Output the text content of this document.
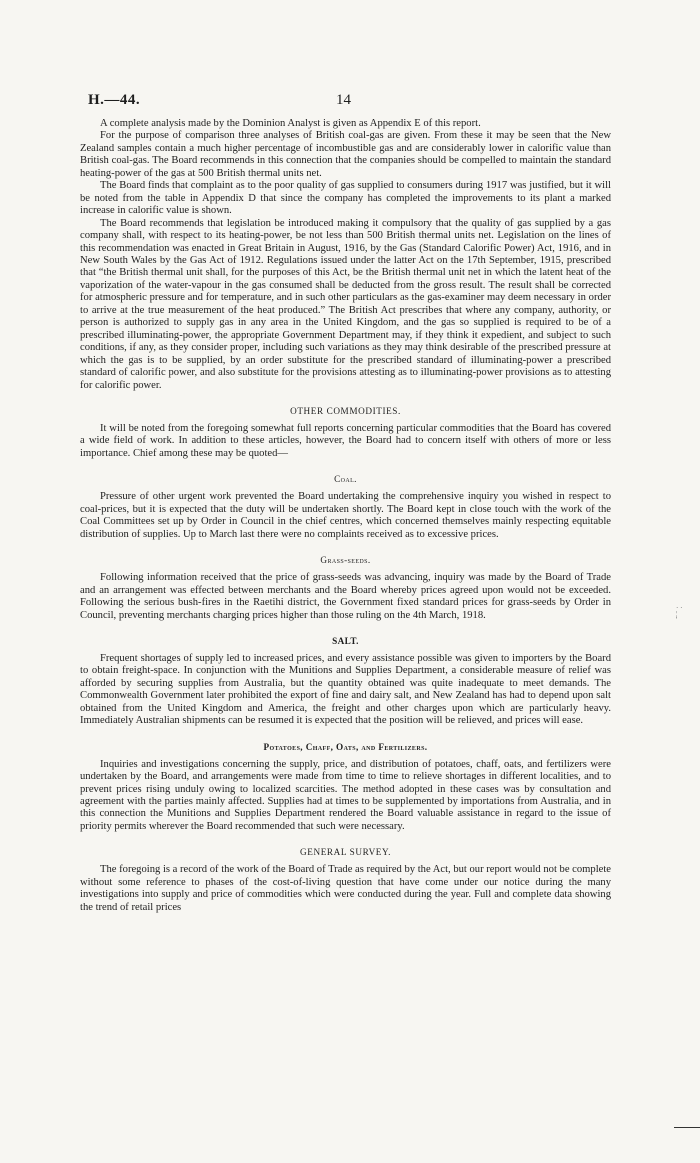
H.—44.	14

A complete analysis made by the Dominion Analyst is given as Appendix E of this report.

For the purpose of comparison three analyses of British coal-gas are given. From these it may be seen that the New Zealand samples contain a much higher percentage of incombustible gas and are considerably lower in calorific value than British coal-gas. The Board recommends in this connection that the companies should be compelled to maintain the standard heating-power of the gas at 500 British thermal units net.

The Board finds that complaint as to the poor quality of gas supplied to consumers during 1917 was justified, but it will be noted from the table in Appendix D that since the company has completed the improvements to its plant a marked increase in calorific value is shown.

The Board recommends that legislation be introduced making it compulsory that the quality of gas supplied by a gas company shall, with respect to its heating-power, be not less than 500 British thermal units net. Legislation on the lines of this recommendation was enacted in Great Britain in August, 1916, by the Gas (Standard Calorific Power) Act, 1916, and in New South Wales by the Gas Act of 1912. Regulations issued under the latter Act on the 17th September, 1915, prescribed that “the British thermal unit shall, for the purposes of this Act, be the British thermal unit net in which the latent heat of the vaporization of the water-vapour in the gas consumed shall be deducted from the gross result. The result shall be corrected for atmospheric pressure and for temperature, and in such other particulars as the gas-examiner may deem necessary in order to arrive at the true measurement of the heat produced.” The British Act prescribes that where any company, authority, or person is authorized to supply gas in any area in the United Kingdom, and the gas so supplied is required to be of a prescribed illuminating-power, the appropriate Government Department may, if they think it expedient, and subject to such conditions, if any, as they consider proper, including such variations as they may think desirable of the prescribed pressure at which the gas is to be supplied, by an order substitute for the prescribed standard of illuminating-power a prescribed standard of calorific power, and also substitute for the provisions attesting as to illuminating-power provisions as to attesting for calorific power.

OTHER COMMODITIES.

It will be noted from the foregoing somewhat full reports concerning particular commodities that the Board has covered a wide field of work. In addition to these articles, however, the Board had to concern itself with others of more or less importance. Chief among these may be quoted—

Coal.

Pressure of other urgent work prevented the Board undertaking the comprehensive inquiry you wished in respect to coal-prices, but it is expected that the duty will be undertaken shortly. The Board kept in close touch with the work of the Coal Committees set up by Order in Council in the chief centres, which concerned themselves mainly respecting equitable distribution of supplies. Up to March last there were no complaints received as to excessive prices.

Grass-seeds.

Following information received that the price of grass-seeds was advancing, inquiry was made by the Board of Trade and an arrangement was effected between merchants and the Board whereby prices agreed upon would not be exceeded. Following the serious bush-fires in the Raetihi district, the Government fixed standard prices for grass-seeds by Order in Council, preventing merchants charging prices higher than those ruling on the 4th March, 1918.

SALT.

Frequent shortages of supply led to increased prices, and every assistance possible was given to importers by the Board to obtain freight-space. In conjunction with the Munitions and Supplies Department, a considerable measure of relief was afforded by securing supplies from Australia, but the quantity obtained was quite inadequate to meet demands. The Commonwealth Government later prohibited the export of fine and dairy salt, and New Zealand has had to depend upon salt obtained from the United Kingdom and America, the freight and other charges upon which are particularly heavy. Immediately Australian shipments can be resumed it is expected that the position will be relieved, and prices will ease.

Potatoes, Chaff, Oats, and Fertilizers.

Inquiries and investigations concerning the supply, price, and distribution of potatoes, chaff, oats, and fertilizers were undertaken by the Board, and arrangements were made from time to time to relieve shortages in different localities, and to prevent prices rising unduly owing to localized scarcities. The method adopted in these cases was by consultation and agreement with the parties mainly affected. Supplies had at times to be supplemented by importations from Australia, and in this connection the Munitions and Supplies Department rendered the Board valuable assistance in regard to the issue of priority permits wherever the Board recommended that such were necessary.

GENERAL SURVEY.

The foregoing is a record of the work of the Board of Trade as required by the Act, but our report would not be complete without some reference to phases of the cost-of-living question that have come under our notice during the many investigations into supply and price of commodities which were conducted during the year. Full and complete data showing the trend of retail prices

· ·
¦
'
